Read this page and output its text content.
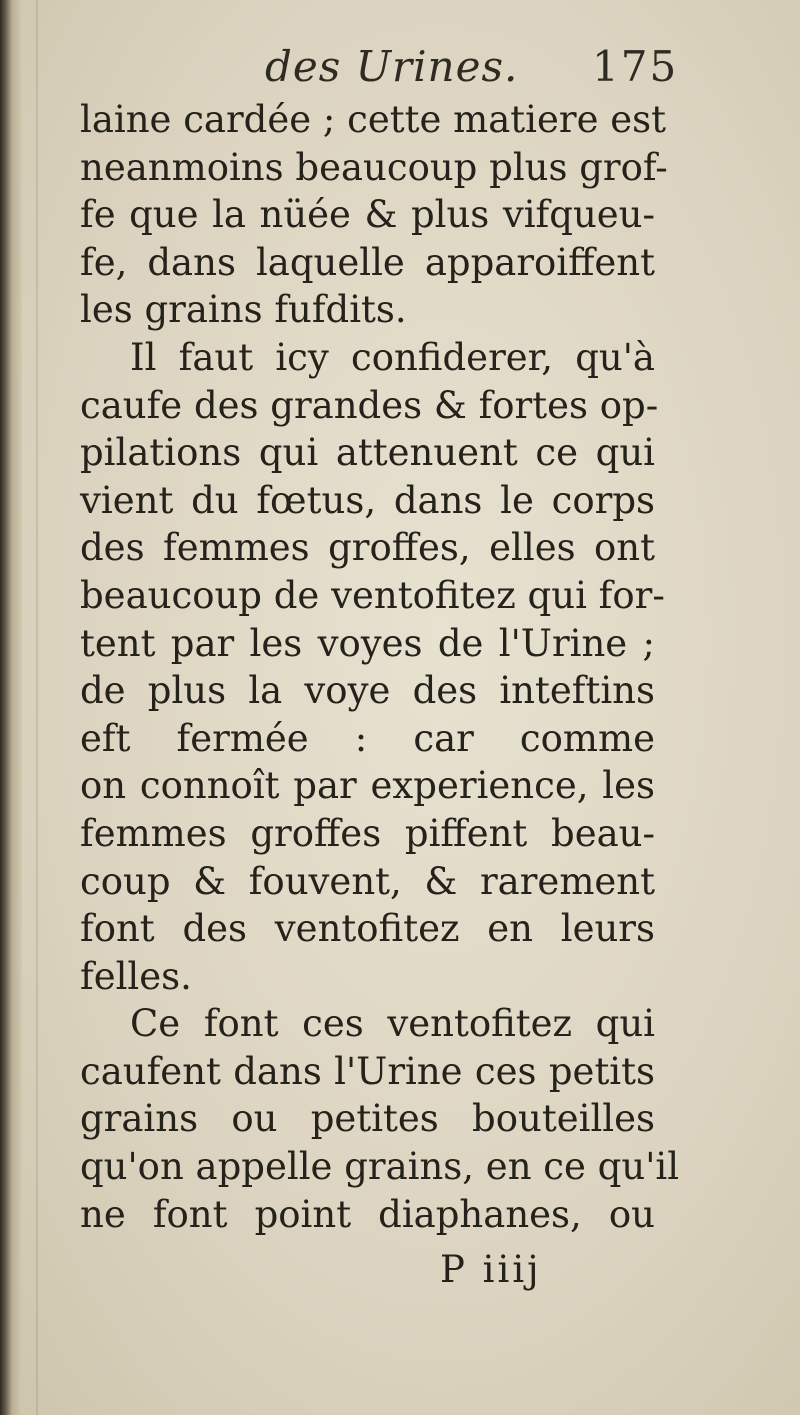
des Urines. 175
laine cardée ; cette matiere est
neanmoins beaucoup plus grof-
fe que la nüée & plus vifqueu-
fe, dans laquelle apparoiffent
les grains fufdits.
Il faut icy confiderer, qu'à
caufe des grandes & fortes op-
pilations qui attenuent ce qui
vient du fœtus, dans le corps
des femmes groffes, elles ont
beaucoup de ventofitez qui for-
tent par les voyes de l'Urine ;
de plus la voye des inteftins
eft fermée : car comme
on connoît par experience, les
femmes groffes piffent beau-
coup & fouvent, & rarement
font des ventofitez en leurs
felles.
Ce font ces ventofitez qui
caufent dans l'Urine ces petits
grains ou petites bouteilles
qu'on appelle grains, en ce qu'il
ne font point diaphanes, ou
P iiij
